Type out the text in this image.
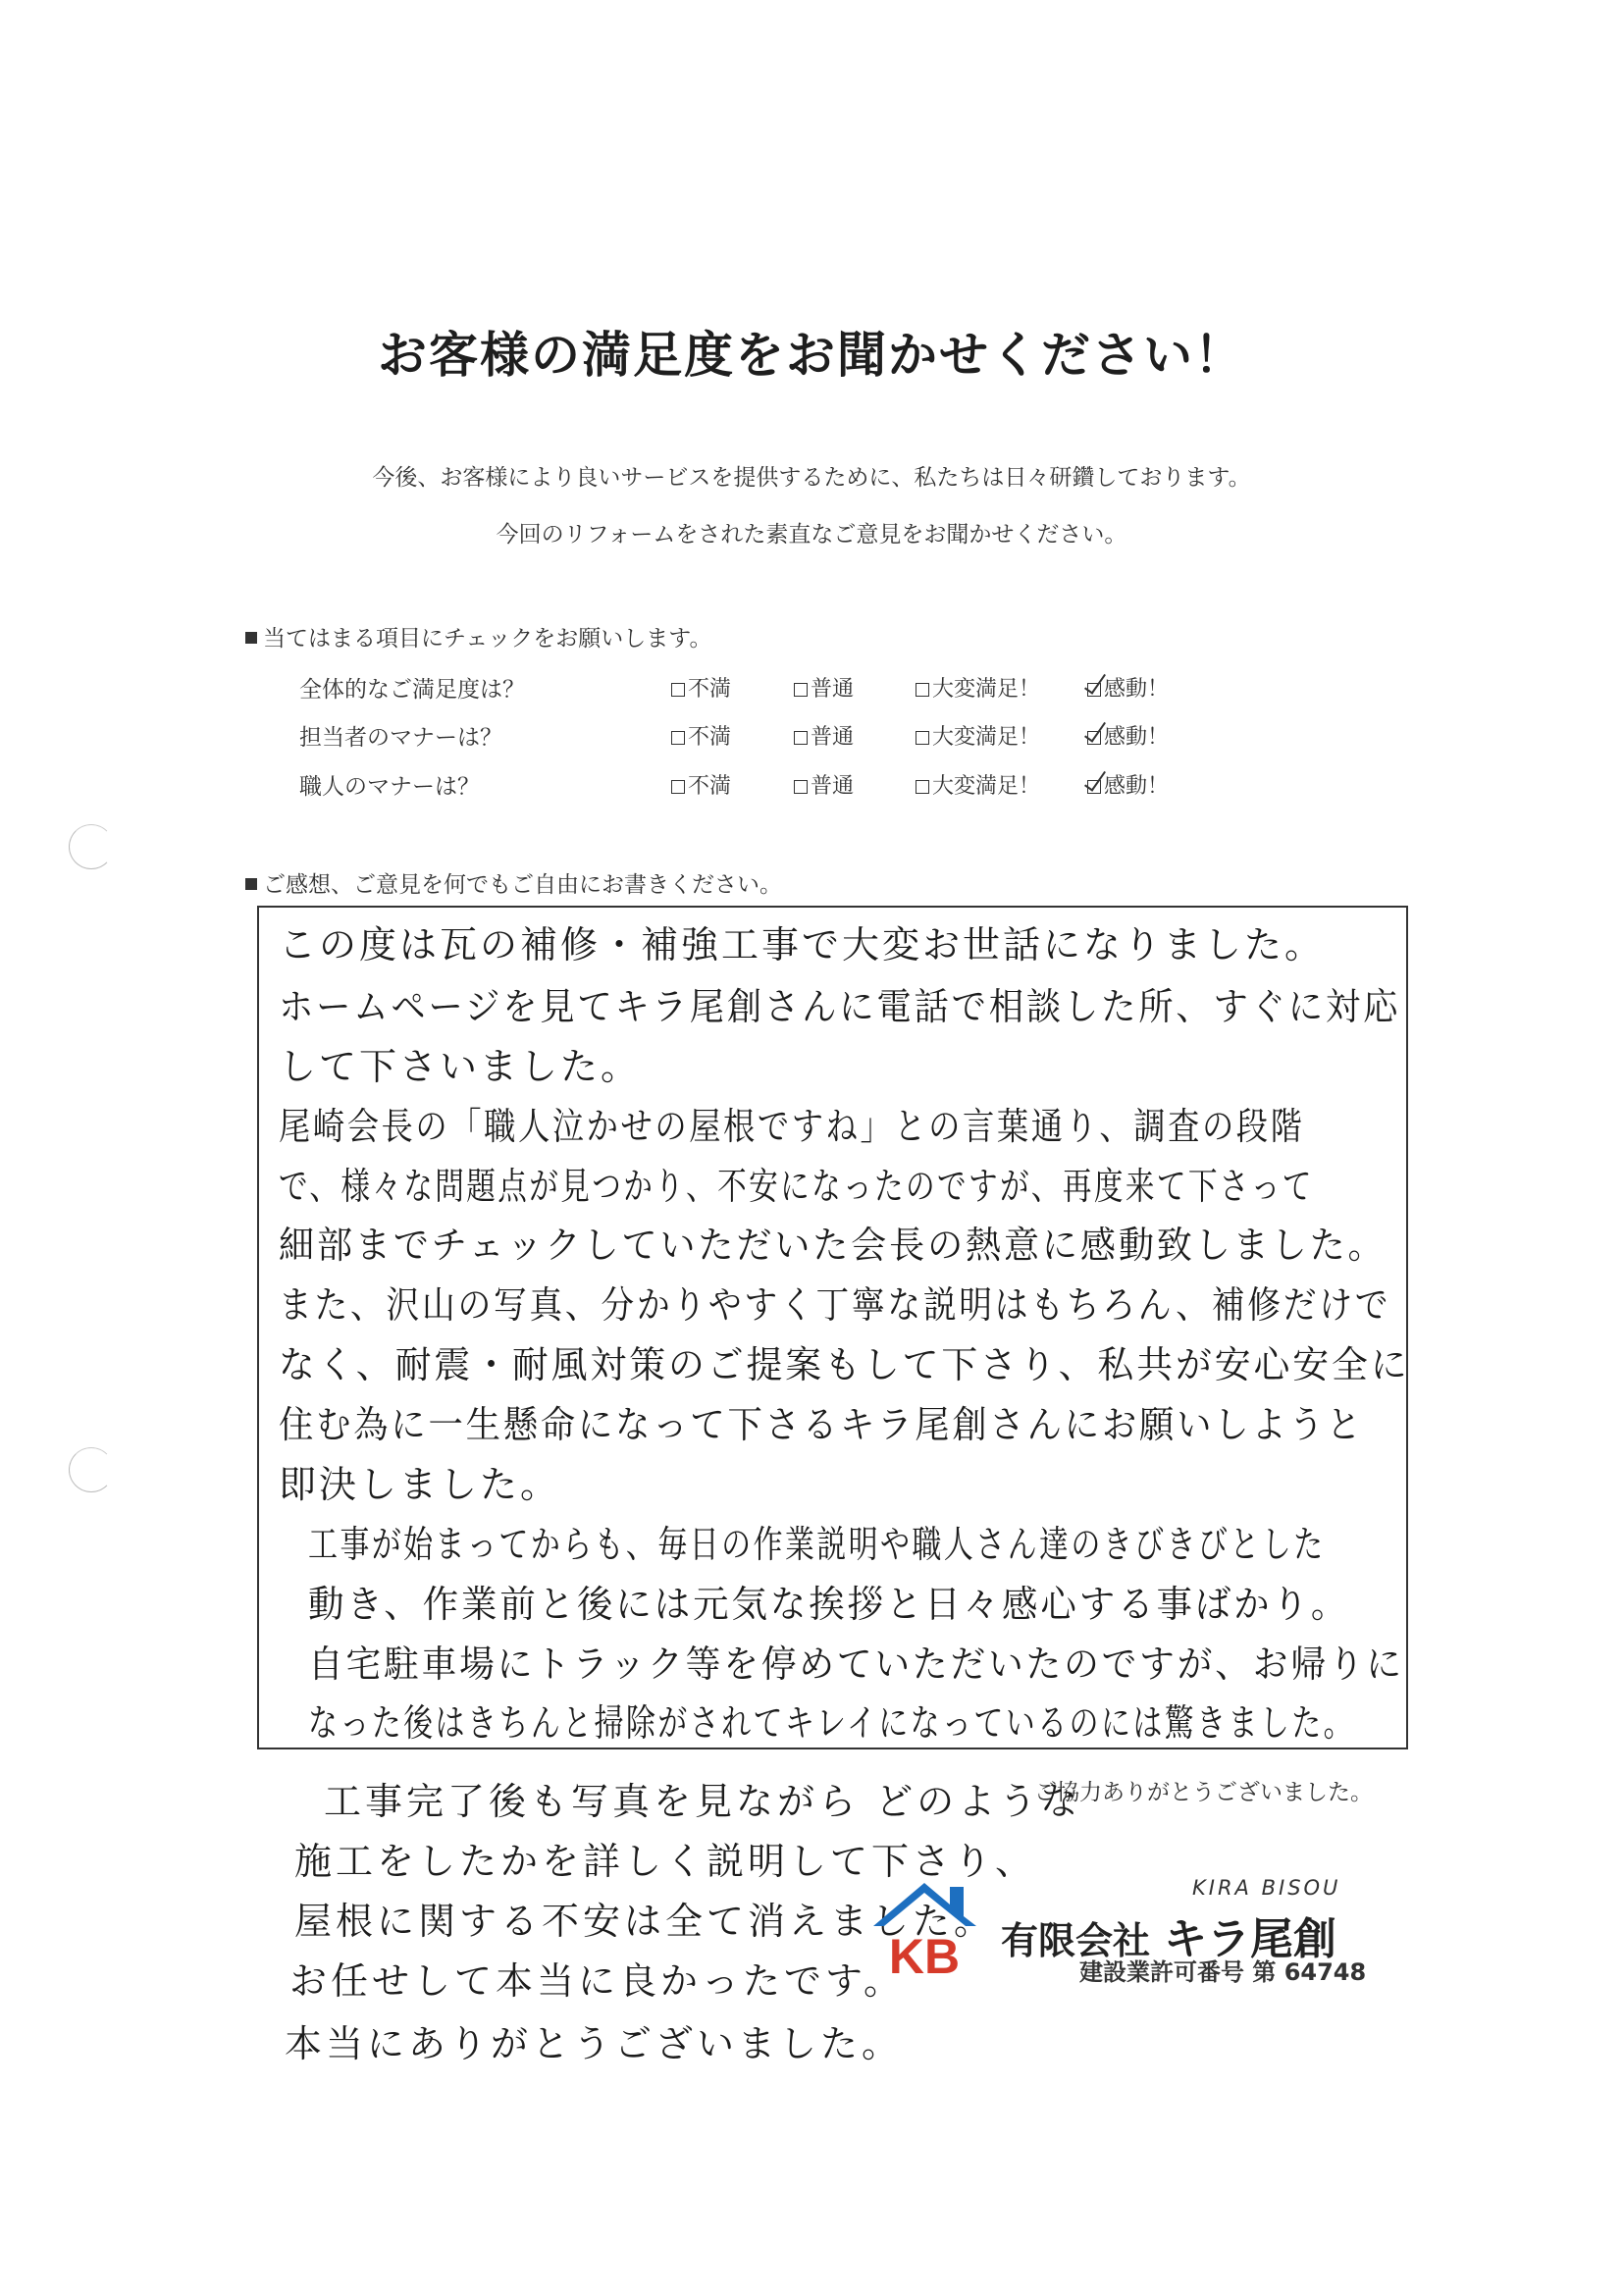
お客様の満足度をお聞かせください！
今後、お客様により良いサービスを提供するために、私たちは日々研鑽しております。
今回のリフォームをされた素直なご意見をお聞かせください。
当てはまる項目にチェックをお願いします。
全体的なご満足度は？	不満	普通	大変満足！	感動！
担当者のマナーは？	不満	普通	大変満足！	感動！
職人のマナーは？	不満	普通	大変満足！	感動！
ご感想、ご意見を何でもご自由にお書きください。
この度は瓦の補修・補強工事で大変お世話になりました。
ホームページを見てキラ尾創さんに電話で相談した所、すぐに対応
して下さいました。
尾崎会長の「職人泣かせの屋根ですね」との言葉通り、調査の段階
で、様々な問題点が見つかり、不安になったのですが、再度来て下さって
細部までチェックしていただいた会長の熱意に感動致しました。
また、沢山の写真、分かりやすく丁寧な説明はもちろん、補修だけで
なく、耐震・耐風対策のご提案もして下さり、私共が安心安全に
住む為に一生懸命になって下さるキラ尾創さんにお願いしようと
即決しました。
工事が始まってからも、毎日の作業説明や職人さん達のきびきびとした
動き、作業前と後には元気な挨拶と日々感心する事ばかり。
自宅駐車場にトラック等を停めていただいたのですが、お帰りに
なった後はきちんと掃除がされてキレイになっているのには驚きました。
ご協力ありがとうございました。
工事完了後も写真を見ながら どのような
施工をしたかを詳しく説明して下さり、
屋根に関する不安は全て消えました。
お任せして本当に良かったです。
本当にありがとうございました。
KB
KIRA BISOU
有限会社 キラ尾創
建設業許可番号 第 64748
